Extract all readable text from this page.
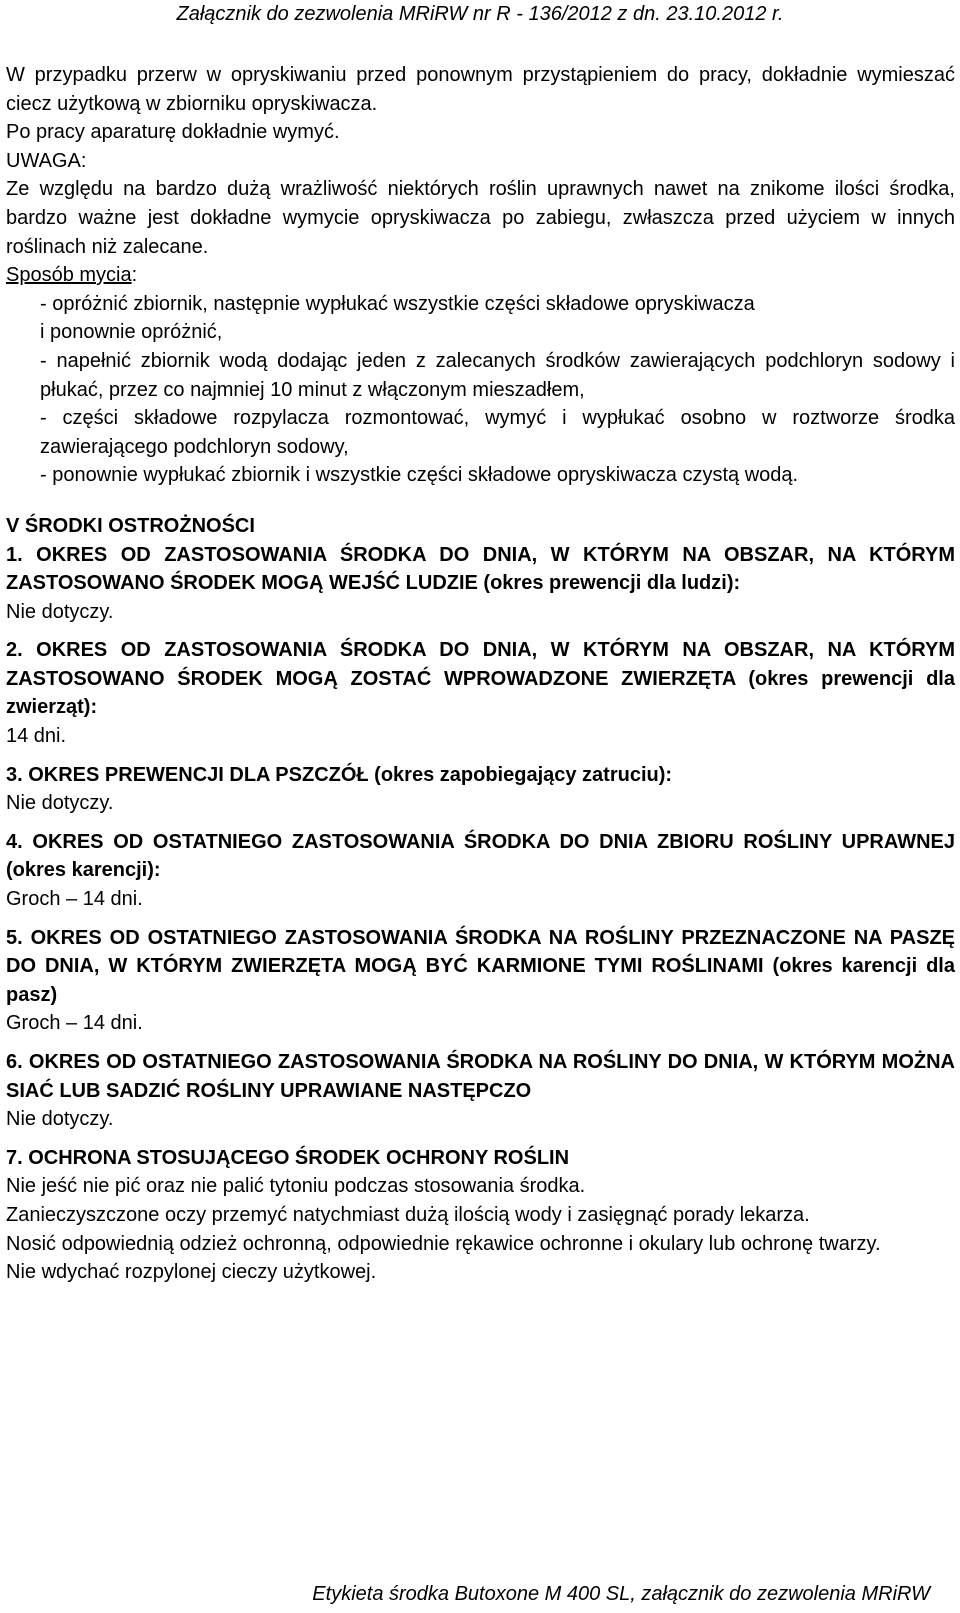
Załącznik do zezwolenia MRiRW nr R - 136/2012 z dn. 23.10.2012 r.

W przypadku przerw w opryskiwaniu przed ponownym przystąpieniem do pracy, dokładnie wymieszać ciecz użytkową w zbiorniku opryskiwacza.

Po pracy aparaturę dokładnie wymyć.

UWAGA:

Ze względu na bardzo dużą wrażliwość niektórych roślin uprawnych nawet na znikome ilości środka, bardzo ważne jest dokładne wymycie opryskiwacza po zabiegu, zwłaszcza przed użyciem w innych roślinach niż zalecane.

Sposób mycia:

- opróżnić zbiornik, następnie wypłukać wszystkie części składowe opryskiwacza

i ponownie opróżnić,

- napełnić zbiornik wodą dodając jeden z zalecanych środków zawierających podchloryn sodowy i płukać, przez co najmniej 10 minut z włączonym mieszadłem,

- części składowe rozpylacza rozmontować, wymyć i wypłukać osobno w roztworze środka zawierającego podchloryn sodowy,

- ponownie wypłukać zbiornik i wszystkie części składowe opryskiwacza czystą wodą.

V ŚRODKI OSTROŻNOŚCI

1. OKRES OD ZASTOSOWANIA ŚRODKA DO DNIA, W KTÓRYM NA OBSZAR, NA KTÓRYM ZASTOSOWANO ŚRODEK MOGĄ WEJŚĆ LUDZIE (okres prewencji dla ludzi):

Nie dotyczy.

2. OKRES OD ZASTOSOWANIA ŚRODKA DO DNIA, W KTÓRYM NA OBSZAR, NA KTÓRYM ZASTOSOWANO ŚRODEK MOGĄ ZOSTAĆ WPROWADZONE ZWIERZĘTA (okres prewencji dla zwierząt):

14 dni.

3. OKRES PREWENCJI DLA PSZCZÓŁ (okres zapobiegający zatruciu):

Nie dotyczy.

4. OKRES OD OSTATNIEGO ZASTOSOWANIA ŚRODKA DO DNIA ZBIORU ROŚLINY UPRAWNEJ (okres karencji):

Groch – 14 dni.

5. OKRES OD OSTATNIEGO ZASTOSOWANIA ŚRODKA NA ROŚLINY PRZEZNACZONE NA PASZĘ DO DNIA, W KTÓRYM ZWIERZĘTA MOGĄ BYĆ KARMIONE TYMI ROŚLINAMI (okres karencji dla pasz)

Groch – 14 dni.

6. OKRES OD OSTATNIEGO ZASTOSOWANIA ŚRODKA NA ROŚLINY DO DNIA, W KTÓRYM MOŻNA SIAĆ LUB SADZIĆ ROŚLINY UPRAWIANE NASTĘPCZO

Nie dotyczy.

7. OCHRONA STOSUJĄCEGO ŚRODEK OCHRONY ROŚLIN

Nie jeść nie pić oraz nie palić tytoniu podczas stosowania środka.

Zanieczyszczone oczy przemyć natychmiast dużą ilością wody i zasięgnąć porady lekarza.

Nosić odpowiednią odzież ochronną, odpowiednie rękawice ochronne i okulary lub ochronę twarzy.

Nie wdychać rozpylonej cieczy użytkowej.

Etykieta środka Butoxone M 400 SL, załącznik do zezwolenia MRiRW
